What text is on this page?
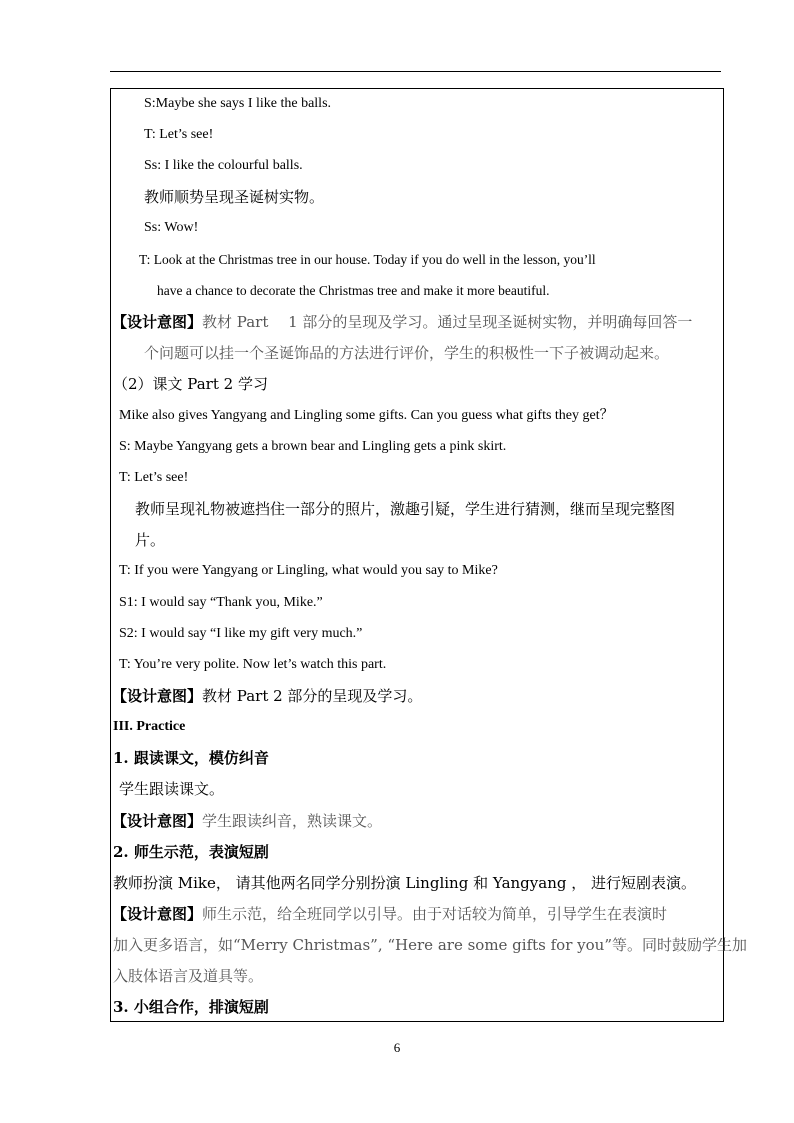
S:Maybe she says I like the balls.
T: Let’s see!
Ss: I like the colourful balls.
教师顺势呈现圣诞树实物。
Ss: Wow!
T: Look at the Christmas tree in our house. Today if you do well in the lesson, you’ll
have a chance to decorate the Christmas tree and make it more beautiful.
【设计意图】教材 Part 　1 部分的呈现及学习。通过呈现圣诞树实物，并明确每回答一
个问题可以挂一个圣诞饰品的方法进行评价，学生的积极性一下子被调动起来。
（2）课文 Part 2 学习
Mike also gives Yangyang and Lingling some gifts. Can you guess what gifts they get？
S: Maybe Yangyang gets a brown bear and Lingling gets a pink skirt.
T: Let’s see!
教师呈现礼物被遮挡住一部分的照片，激趣引疑，学生进行猜测，继而呈现完整图
片。
T: If you were Yangyang or Lingling, what would you say to Mike?
S1: I would say “Thank you, Mike.”
S2: I would say “I like my gift very much.”
T: You’re very polite. Now let’s watch this part.
【设计意图】教材 Part 2 部分的呈现及学习。
III. Practice
1. 跟读课文，模仿纠音
学生跟读课文。
【设计意图】学生跟读纠音，熟读课文。
2. 师生示范，表演短剧
教师扮演 Mike， 请其他两名同学分别扮演 Lingling 和 Yangyang ， 进行短剧表演。
【设计意图】师生示范，给全班同学以引导。由于对话较为简单，引导学生在表演时
加入更多语言，如“Merry Christmas”, “Here are some gifts for you”等。同时鼓励学生加
入肢体语言及道具等。
3. 小组合作，排演短剧
6
